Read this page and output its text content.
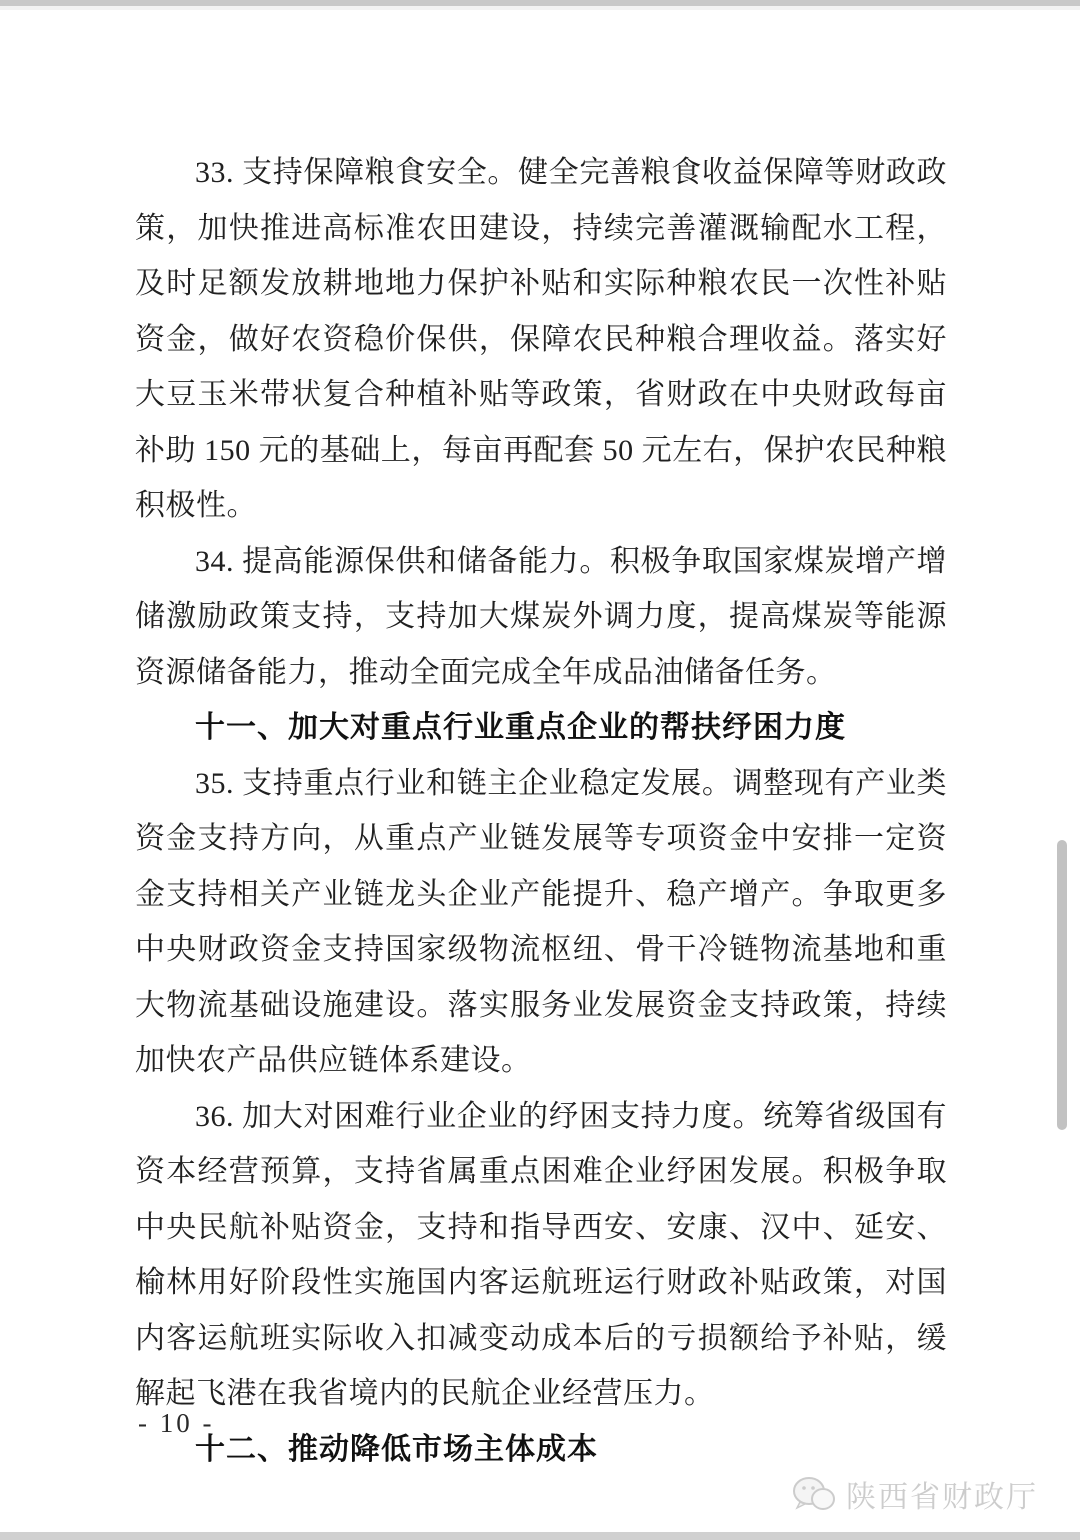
33. 支持保障粮食安全。健全完善粮食收益保障等财政政策，加快推进高标准农田建设，持续完善灌溉输配水工程，及时足额发放耕地地力保护补贴和实际种粮农民一次性补贴资金，做好农资稳价保供，保障农民种粮合理收益。落实好大豆玉米带状复合种植补贴等政策，省财政在中央财政每亩补助 150 元的基础上，每亩再配套 50 元左右，保护农民种粮积极性。

34. 提高能源保供和储备能力。积极争取国家煤炭增产增储激励政策支持，支持加大煤炭外调力度，提高煤炭等能源资源储备能力，推动全面完成全年成品油储备任务。

十一、加大对重点行业重点企业的帮扶纾困力度

35. 支持重点行业和链主企业稳定发展。调整现有产业类资金支持方向，从重点产业链发展等专项资金中安排一定资金支持相关产业链龙头企业产能提升、稳产增产。争取更多中央财政资金支持国家级物流枢纽、骨干冷链物流基地和重大物流基础设施建设。落实服务业发展资金支持政策，持续加快农产品供应链体系建设。

36. 加大对困难行业企业的纾困支持力度。统筹省级国有资本经营预算，支持省属重点困难企业纾困发展。积极争取中央民航补贴资金，支持和指导西安、安康、汉中、延安、榆林用好阶段性实施国内客运航班运行财政补贴政策，对国内客运航班实际收入扣减变动成本后的亏损额给予补贴，缓解起飞港在我省境内的民航企业经营压力。

十二、推动降低市场主体成本
- 10 -
陕西省财政厅
